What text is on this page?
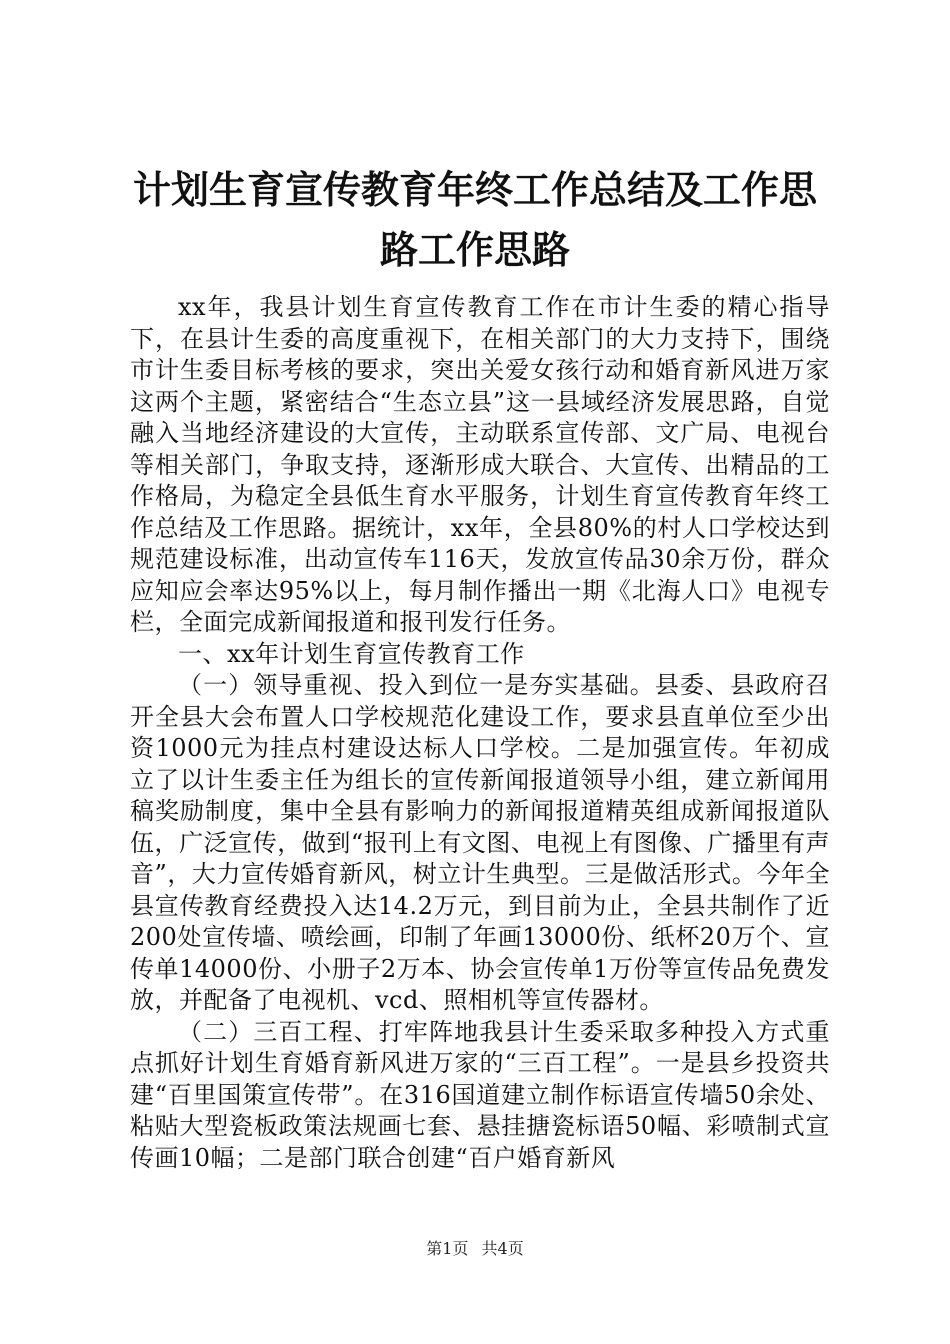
计划生育宣传教育年终工作总结及工作思路工作思路

xx年，我县计划生育宣传教育工作在市计生委的精心指导下，在县计生委的高度重视下，在相关部门的大力支持下，围绕市计生委目标考核的要求，突出关爱女孩行动和婚育新风进万家这两个主题，紧密结合“生态立县”这一县域经济发展思路，自觉融入当地经济建设的大宣传，主动联系宣传部、文广局、电视台等相关部门，争取支持，逐渐形成大联合、大宣传、出精品的工作格局，为稳定全县低生育水平服务，计划生育宣传教育年终工作总结及工作思路。据统计，xx年，全县80%的村人口学校达到规范建设标准，出动宣传车116天，发放宣传品30余万份，群众应知应会率达95%以上，每月制作播出一期《北海人口》电视专栏，全面完成新闻报道和报刊发行任务。

一、xx年计划生育宣传教育工作

（一）领导重视、投入到位一是夯实基础。县委、县政府召开全县大会布置人口学校规范化建设工作，要求县直单位至少出资1000元为挂点村建设达标人口学校。二是加强宣传。年初成立了以计生委主任为组长的宣传新闻报道领导小组，建立新闻用稿奖励制度，集中全县有影响力的新闻报道精英组成新闻报道队伍，广泛宣传，做到“报刊上有文图、电视上有图像、广播里有声音”，大力宣传婚育新风，树立计生典型。三是做活形式。今年全县宣传教育经费投入达14.2万元，到目前为止，全县共制作了近200处宣传墙、喷绘画，印制了年画13000份、纸杯20万个、宣传单14000份、小册子2万本、协会宣传单1万份等宣传品免费发放，并配备了电视机、vcd、照相机等宣传器材。

（二）三百工程、打牢阵地我县计生委采取多种投入方式重点抓好计划生育婚育新风进万家的“三百工程”。一是县乡投资共建“百里国策宣传带”。在316国道建立制作标语宣传墙50余处、粘贴大型瓷板政策法规画七套、悬挂搪瓷标语50幅、彩喷制式宣传画10幅；二是部门联合创建“百户婚育新风

第1页 共4页
